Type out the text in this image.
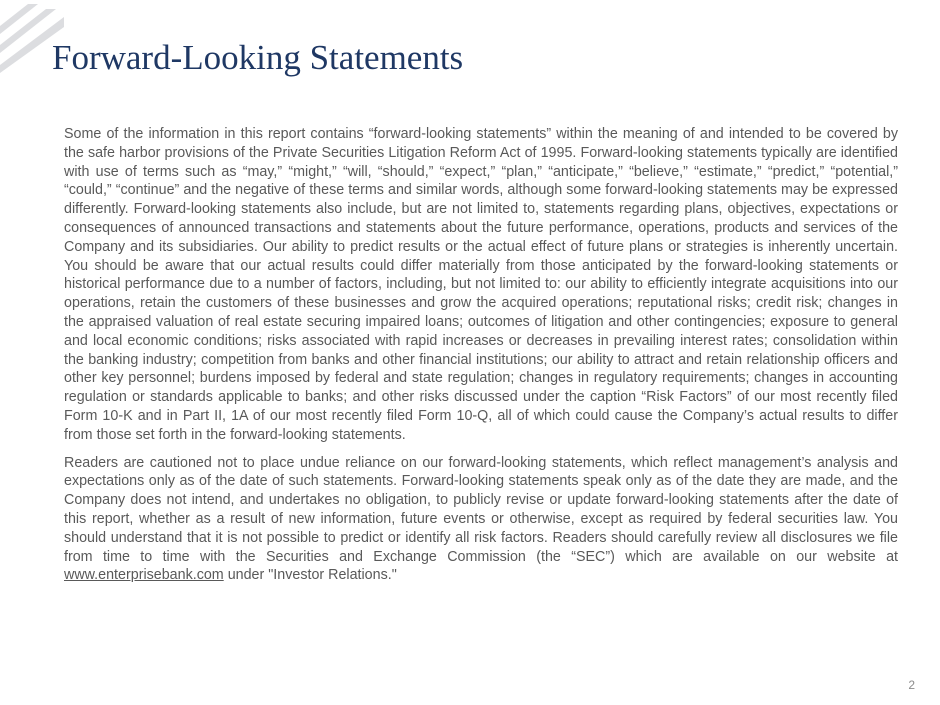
Forward-Looking Statements

Some of the information in this report contains “forward-looking statements” within the meaning of and intended to be covered by the safe harbor provisions of the Private Securities Litigation Reform Act of 1995. Forward-looking statements typically are identified with use of terms such as “may,” “might,” “will, “should,” “expect,” “plan,” “anticipate,” “believe,” “estimate,” “predict,” “potential,” “could,” “continue” and the negative of these terms and similar words, although some forward-looking statements may be expressed differently. Forward-looking statements also include, but are not limited to, statements regarding plans, objectives, expectations or consequences of announced transactions and statements about the future performance, operations, products and services of the Company and its subsidiaries. Our ability to predict results or the actual effect of future plans or strategies is inherently uncertain. You should be aware that our actual results could differ materially from those anticipated by the forward-looking statements or historical performance due to a number of factors, including, but not limited to: our ability to efficiently integrate acquisitions into our operations, retain the customers of these businesses and grow the acquired operations; reputational risks; credit risk; changes in the appraised valuation of real estate securing impaired loans; outcomes of litigation and other contingencies; exposure to general and local economic conditions; risks associated with rapid increases or decreases in prevailing interest rates; consolidation within the banking industry; competition from banks and other financial institutions; our ability to attract and retain relationship officers and other key personnel; burdens imposed by federal and state regulation; changes in regulatory requirements; changes in accounting regulation or standards applicable to banks; and other risks discussed under the caption “Risk Factors” of our most recently filed Form 10-K and in Part II, 1A of our most recently filed Form 10-Q, all of which could cause the Company’s actual results to differ from those set forth in the forward-looking statements.

Readers are cautioned not to place undue reliance on our forward-looking statements, which reflect management’s analysis and expectations only as of the date of such statements. Forward-looking statements speak only as of the date they are made, and the Company does not intend, and undertakes no obligation, to publicly revise or update forward-looking statements after the date of this report, whether as a result of new information, future events or otherwise, except as required by federal securities law. You should understand that it is not possible to predict or identify all risk factors. Readers should carefully review all disclosures we file from time to time with the Securities and Exchange Commission (the “SEC”) which are available on our website at www.enterprisebank.com under "Investor Relations."

2
